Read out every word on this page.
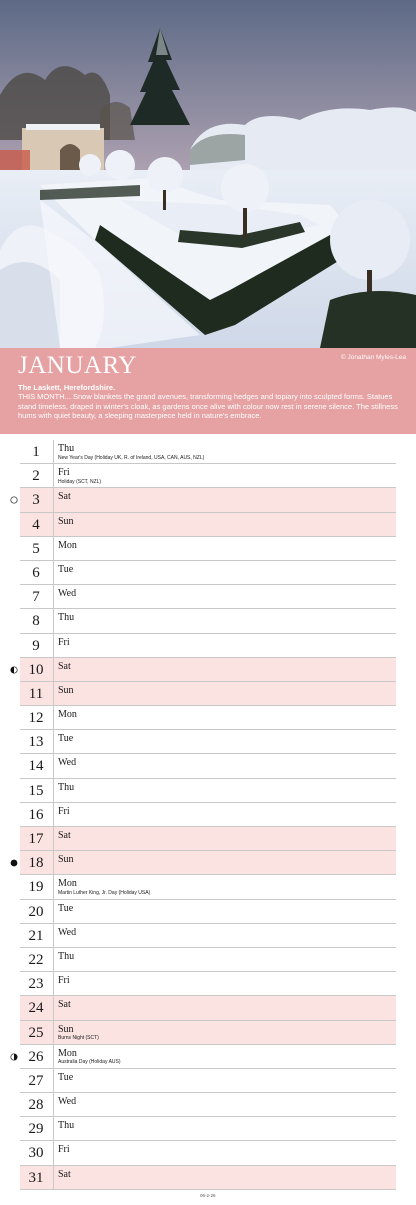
JANUARY	© Jonathan Myles-Lea
The Laskett, Herefordshire.
THIS MONTH... Snow blankets the grand avenues, transforming hedges and topiary into sculpted forms. Statues stand timeless, draped in winter's cloak, as gardens once alive with colour now rest in serene silence. The stillness hums with quiet beauty, a sleeping masterpiece held in nature's embrace.
1	Thu
New Year's Day (Holiday UK, R. of Ireland, USA, CAN, AUS, NZL)
2	Fri
Holiday (SCT, NZL)
3	Sat
4	Sun
5	Mon
6	Tue
7	Wed
8	Thu
9	Fri
10	Sat
11	Sun
12	Mon
13	Tue
14	Wed
15	Thu
16	Fri
17	Sat
18	Sun
19	Mon
Martin Luther King, Jr. Day (Holiday USA)
20	Tue
21	Wed
22	Thu
23	Fri
24	Sat
25	Sun
Burns Night (SCT)
26	Mon
Australia Day (Holiday AUS)
27	Tue
28	Wed
29	Thu
30	Fri
31	Sat
06-2-26
